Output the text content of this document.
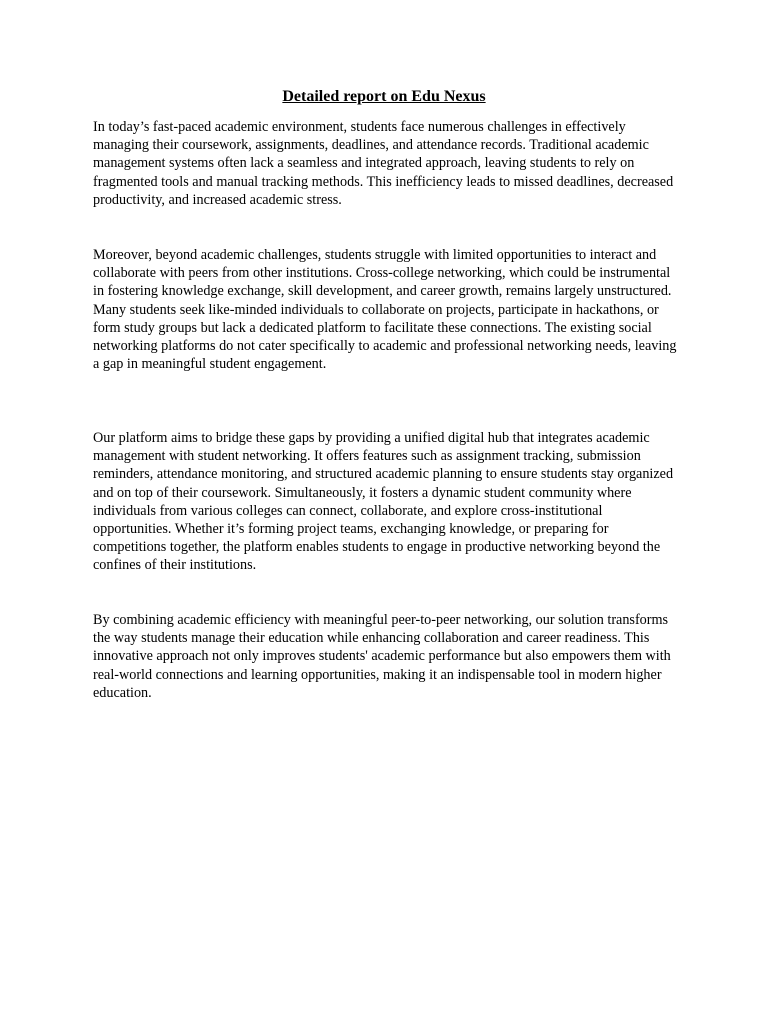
Detailed report on Edu Nexus

In today’s fast-paced academic environment, students face numerous challenges in effectively managing their coursework, assignments, deadlines, and attendance records. Traditional academic management systems often lack a seamless and integrated approach, leaving students to rely on fragmented tools and manual tracking methods. This inefficiency leads to missed deadlines, decreased productivity, and increased academic stress.

Moreover, beyond academic challenges, students struggle with limited opportunities to interact and collaborate with peers from other institutions. Cross-college networking, which could be instrumental in fostering knowledge exchange, skill development, and career growth, remains largely unstructured. Many students seek like-minded individuals to collaborate on projects, participate in hackathons, or form study groups but lack a dedicated platform to facilitate these connections. The existing social networking platforms do not cater specifically to academic and professional networking needs, leaving a gap in meaningful student engagement.

Our platform aims to bridge these gaps by providing a unified digital hub that integrates academic management with student networking. It offers features such as assignment tracking, submission reminders, attendance monitoring, and structured academic planning to ensure students stay organized and on top of their coursework. Simultaneously, it fosters a dynamic student community where individuals from various colleges can connect, collaborate, and explore cross-institutional opportunities. Whether it’s forming project teams, exchanging knowledge, or preparing for competitions together, the platform enables students to engage in productive networking beyond the confines of their institutions.

By combining academic efficiency with meaningful peer-to-peer networking, our solution transforms the way students manage their education while enhancing collaboration and career readiness. This innovative approach not only improves students' academic performance but also empowers them with real-world connections and learning opportunities, making it an indispensable tool in modern higher education.
